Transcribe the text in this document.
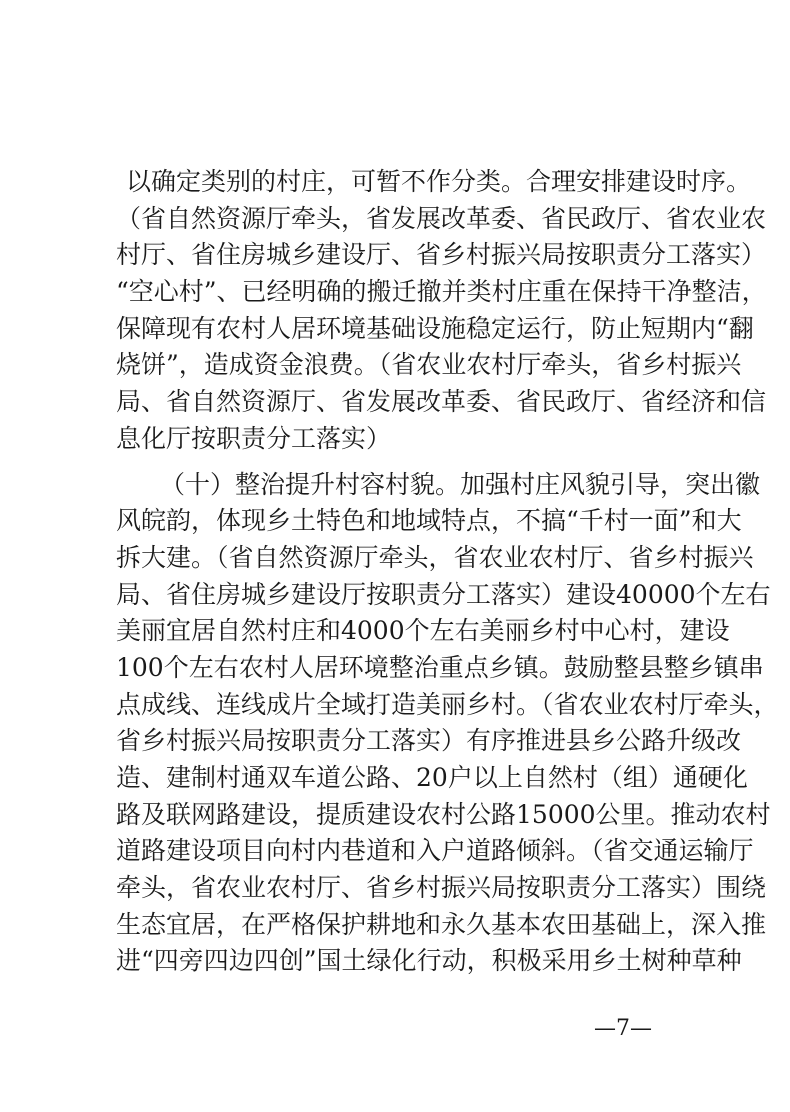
以确定类别的村庄，可暂不作分类。合理安排建设时序。
（省自然资源厅牵头，省发展改革委、省民政厅、省农业农
村厅、省住房城乡建设厅、省乡村振兴局按职责分工落实）
“空心村”、已经明确的搬迁撤并类村庄重在保持干净整洁，
保障现有农村人居环境基础设施稳定运行，防止短期内“翻
烧饼”，造成资金浪费。（省农业农村厅牵头，省乡村振兴
局、省自然资源厅、省发展改革委、省民政厅、省经济和信
息化厅按职责分工落实）
（十）整治提升村容村貌。加强村庄风貌引导，突出徽
风皖韵，体现乡土特色和地域特点，不搞“千村一面”和大
拆大建。（省自然资源厅牵头，省农业农村厅、省乡村振兴
局、省住房城乡建设厅按职责分工落实）建设40000个左右
美丽宜居自然村庄和4000个左右美丽乡村中心村，建设
100个左右农村人居环境整治重点乡镇。鼓励整县整乡镇串
点成线、连线成片全域打造美丽乡村。（省农业农村厅牵头，
省乡村振兴局按职责分工落实）有序推进县乡公路升级改
造、建制村通双车道公路、20户以上自然村（组）通硬化
路及联网路建设，提质建设农村公路15000公里。推动农村
道路建设项目向村内巷道和入户道路倾斜。（省交通运输厅
牵头，省农业农村厅、省乡村振兴局按职责分工落实）围绕
生态宜居，在严格保护耕地和永久基本农田基础上，深入推
进“四旁四边四创”国土绿化行动，积极采用乡土树种草种
—7—
